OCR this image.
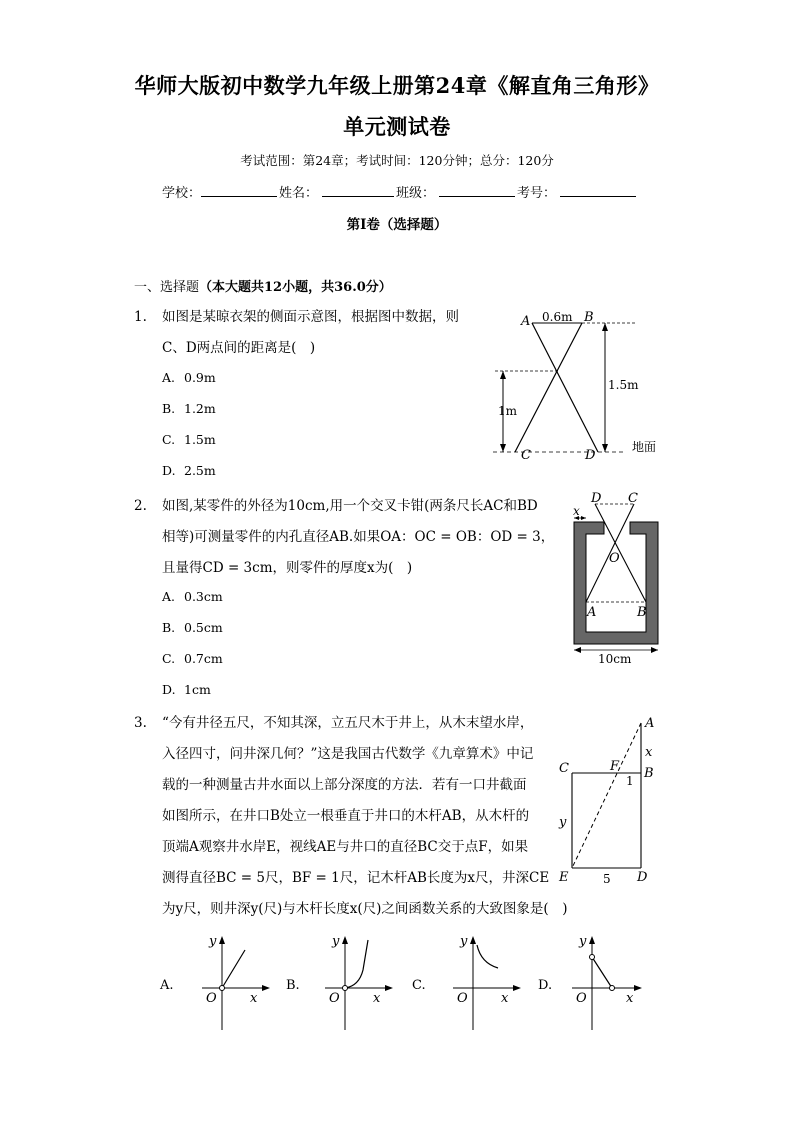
华师大版初中数学九年级上册第24章《解直角三角形》
单元测试卷
考试范围：第24章；考试时间：120分钟；总分：120分
学校：	姓名：	班级：	考号：
第I卷（选择题）
一、选择题（本大题共12小题，共36.0分）
1. 如图是某晾衣架的侧面示意图，根据图中数据，则
C、D两点间的距离是(　)
A. 0.9m
B. 1.2m
C. 1.5m
D. 2.5m
A	B
0.6m
1.5m
1m
C	D
地面
2. 如图,某零件的外径为10cm,用一个交叉卡钳(两条尺长AC和BD
相等)可测量零件的内孔直径AB.如果OA：OC = OB：OD = 3，
且量得CD = 3cm，则零件的厚度x为(　)
A. 0.3cm
B. 0.5cm
C. 0.7cm
D. 1cm
D C
x
O
A	B
10cm
3. “今有井径五尺，不知其深，立五尺木于井上，从木末望水岸，
入径四寸，问井深几何？”这是我国古代数学《九章算术》中记
载的一种测量古井水面以上部分深度的方法．若有一口井截面
如图所示，在井口B处立一根垂直于井口的木杆AB，从木杆的
顶端A观察井水岸E，视线AE与井口的直径BC交于点F，如果
测得直径BC = 5尺，BF = 1尺，记木杆AB长度为x尺，井深CE
为y尺，则井深y(尺)与木杆长度x(尺)之间函数关系的大致图象是(　)
A
x
C	F B
1
y
E	5 D
A.
y
O	x
B.
y
O	x
C.
y
O	x
D.
y
O	x
